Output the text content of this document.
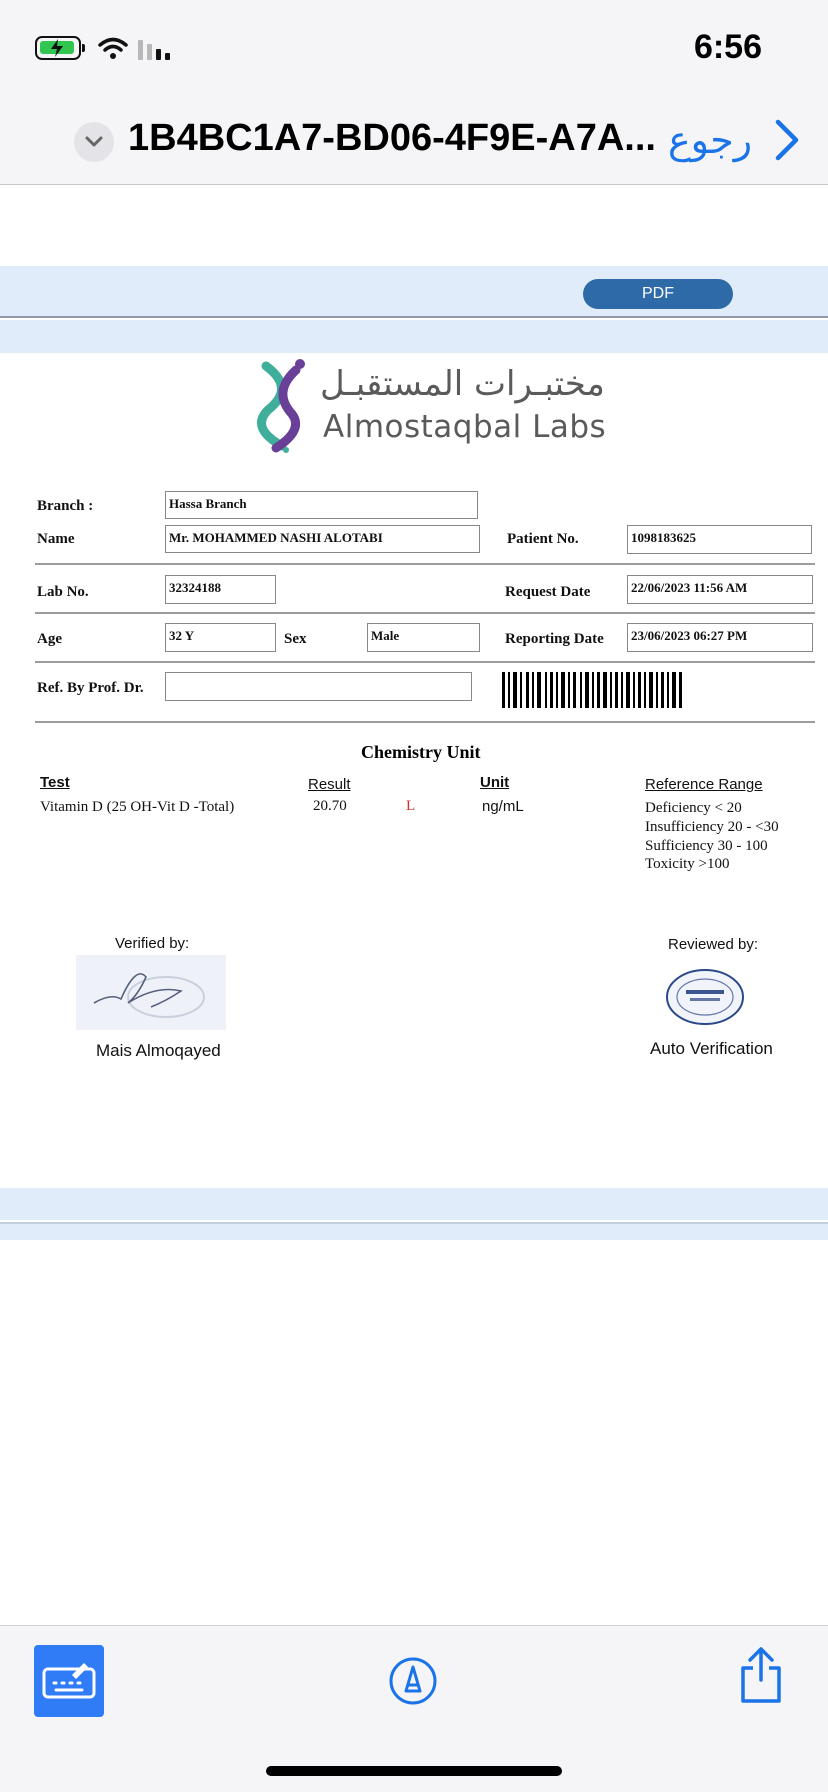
6:56
1B4BC1A7-BD06-4F9E-A7A... رجوع
PDF
مختبـرات المستقبـل
Almostaqbal Labs
Branch :	Hassa Branch
Name	Mr. MOHAMMED NASHI ALOTABI	Patient No.	1098183625
Lab No.	32324188	Request Date	22/06/2023 11:56 AM
Age	32 Y	Sex	Male	Reporting Date	23/06/2023 06:27 PM
Ref. By Prof. Dr.
Chemistry Unit
Test	Result	Unit	Reference Range
Vitamin D (25 OH-Vit D -Total)	20.70	L	ng/mL	Deficiency < 20
Insufficiency 20 - <30
Sufficiency 30 - 100
Toxicity >100
Verified by:
Mais Almoqayed
Reviewed by:
Auto Verification
